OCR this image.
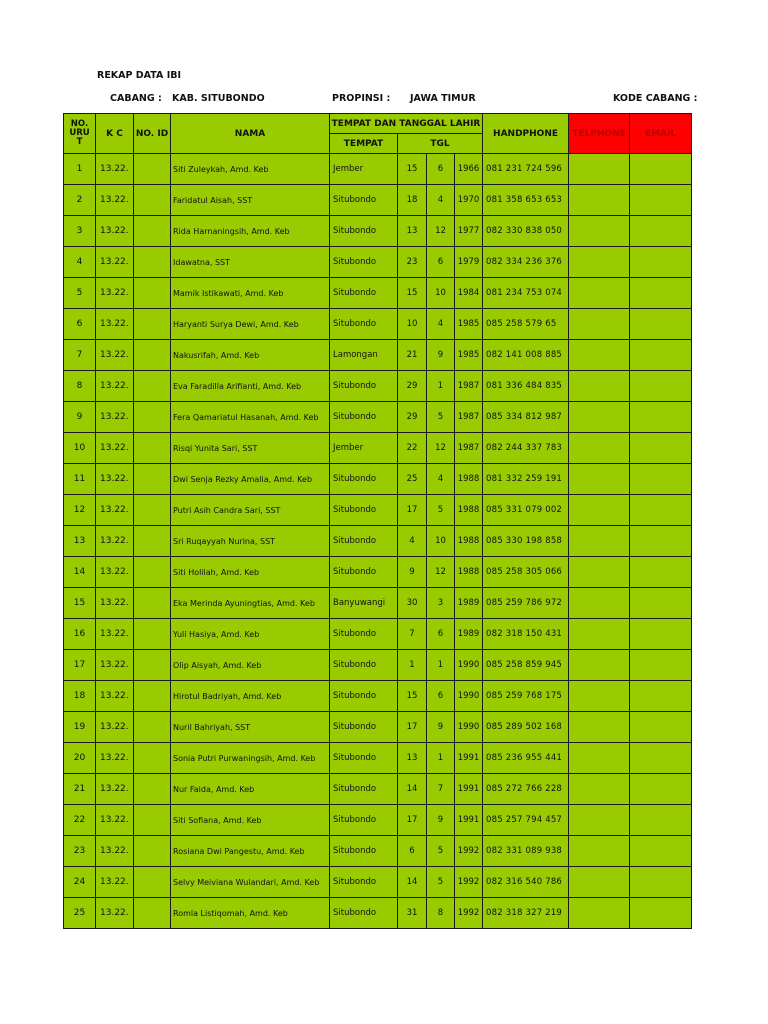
REKAP DATA IBI
CABANG : KAB. SITUBONDO	PROPINSI : JAWA TIMUR	KODE CABANG :
NO.
URU
T	K C	NO. ID	NAMA	TEMPAT DAN TANGGAL LAHIR				HANDPHONE	TELPHONE	EMAIL
				TEMPAT	TGL					
1	13.22.		Siti Zuleykah, Amd. Keb	Jember	15	6	1966	081 231 724 596		
2	13.22.		Faridatul Aisah, SST	Situbondo	18	4	1970	081 358 653 653		
3	13.22.		Rida Harnaningsih, Amd. Keb	Situbondo	13	12	1977	082 330 838 050		
4	13.22.		Idawatna, SST	Situbondo	23	6	1979	082 334 236 376		
5	13.22.		Mamik Istikawati, Amd. Keb	Situbondo	15	10	1984	081 234 753 074		
6	13.22.		Haryanti Surya Dewi, Amd. Keb	Situbondo	10	4	1985	085 258 579 65		
7	13.22.		Nakusrifah, Amd. Keb	Lamongan	21	9	1985	082 141 008 885		
8	13.22.		Eva Faradilla Arifianti, Amd. Keb	Situbondo	29	1	1987	081 336 484 835		
9	13.22.		Fera Qamariatul Hasanah, Amd. Keb	Situbondo	29	5	1987	085 334 812 987		
10	13.22.		Risqi Yunita Sari, SST	Jember	22	12	1987	082 244 337 783		
11	13.22.		Dwi Senja Rezky Amalia, Amd. Keb	Situbondo	25	4	1988	081 332 259 191		
12	13.22.		Putri Asih Candra Sari, SST	Situbondo	17	5	1988	085 331 079 002		
13	13.22.		Sri Ruqayyah Nurina, SST	Situbondo	4	10	1988	085 330 198 858		
14	13.22.		Siti Holilah, Amd. Keb	Situbondo	9	12	1988	085 258 305 066		
15	13.22.		Eka Merinda Ayuningtias, Amd. Keb	Banyuwangi	30	3	1989	085 259 786 972		
16	13.22.		Yuli Hasiya, Amd. Keb	Situbondo	7	6	1989	082 318 150 431		
17	13.22.		Olip Aisyah, Amd. Keb	Situbondo	1	1	1990	085 258 859 945		
18	13.22.		Hirotul Badriyah, Amd. Keb	Situbondo	15	6	1990	085 259 768 175		
19	13.22.		Nuril Bahriyah, SST	Situbondo	17	9	1990	085 289 502 168		
20	13.22.		Sonia Putri Purwaningsih, Amd. Keb	Situbondo	13	1	1991	085 236 955 441		
21	13.22.		Nur Faida, Amd. Keb	Situbondo	14	7	1991	085 272 766 228		
22	13.22.		Siti Sofiana, Amd. Keb	Situbondo	17	9	1991	085 257 794 457		
23	13.22.		Rosiana Dwi Pangestu, Amd. Keb	Situbondo	6	5	1992	082 331 089 938		
24	13.22.		Selvy Meiviana Wulandari, Amd. Keb	Situbondo	14	5	1992	082 316 540 786		
25	13.22.		Romla Listiqomah, Amd. Keb	Situbondo	31	8	1992	082 318 327 219		
